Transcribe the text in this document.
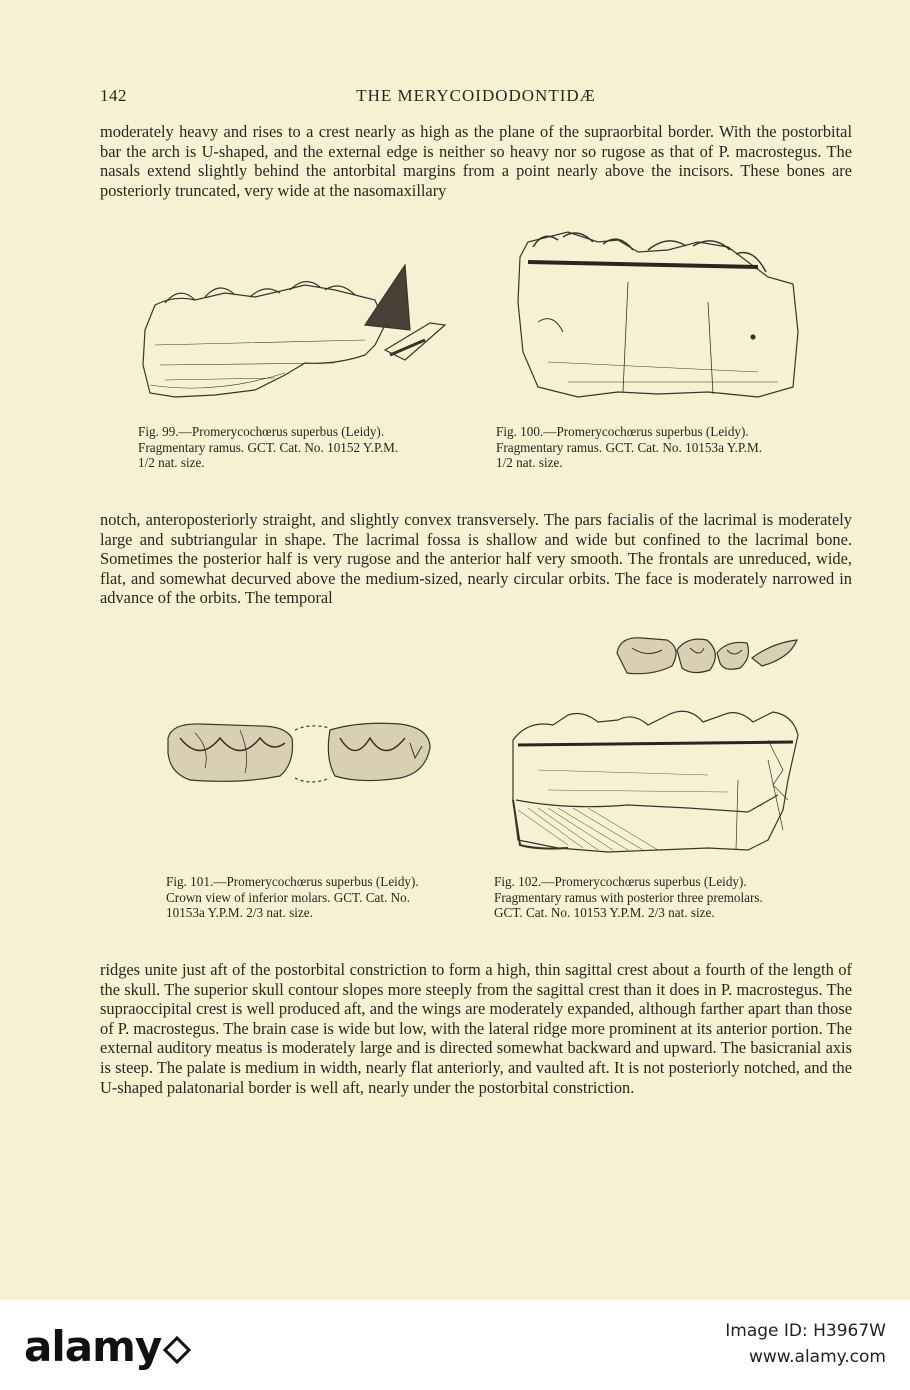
142	THE MERYCOIDODONTIDÆ

moderately heavy and rises to a crest nearly as high as the plane of the supraorbital border. With the postorbital bar the arch is U-shaped, and the external edge is neither so heavy nor so rugose as that of P. macrostegus. The nasals extend slightly behind the antorbital margins from a point nearly above the incisors. These bones are posteriorly truncated, very wide at the nasomaxillary

Fig. 99.—Promerycochœrus superbus (Leidy).
Fragmentary ramus. GCT. Cat. No. 10152 Y.P.M.
1/2 nat. size.
Fig. 100.—Promerycochœrus superbus (Leidy).
Fragmentary ramus. GCT. Cat. No. 10153a Y.P.M.
1/2 nat. size.

notch, anteroposteriorly straight, and slightly convex transversely. The pars facialis of the lacrimal is moderately large and subtriangular in shape. The lacrimal fossa is shallow and wide but confined to the lacrimal bone. Sometimes the posterior half is very rugose and the anterior half very smooth. The frontals are unreduced, wide, flat, and somewhat decurved above the medium-sized, nearly circular orbits. The face is moderately narrowed in advance of the orbits. The temporal

Fig. 101.—Promerycochœrus superbus (Leidy).
Crown view of inferior molars. GCT. Cat. No.
10153a Y.P.M. 2/3 nat. size.
Fig. 102.—Promerycochœrus superbus (Leidy).
Fragmentary ramus with posterior three premolars.
GCT. Cat. No. 10153 Y.P.M. 2/3 nat. size.

ridges unite just aft of the postorbital constriction to form a high, thin sagittal crest about a fourth of the length of the skull. The superior skull contour slopes more steeply from the sagittal crest than it does in P. macrostegus. The supraoccipital crest is well produced aft, and the wings are moderately expanded, although farther apart than those of P. macrostegus. The brain case is wide but low, with the lateral ridge more prominent at its anterior portion. The external auditory meatus is moderately large and is directed somewhat backward and upward. The basicranial axis is steep. The palate is medium in width, nearly flat anteriorly, and vaulted aft. It is not posteriorly notched, and the U-shaped palatonarial border is well aft, nearly under the postorbital constriction.

alamy	Image ID: H3967W
www.alamy.com
